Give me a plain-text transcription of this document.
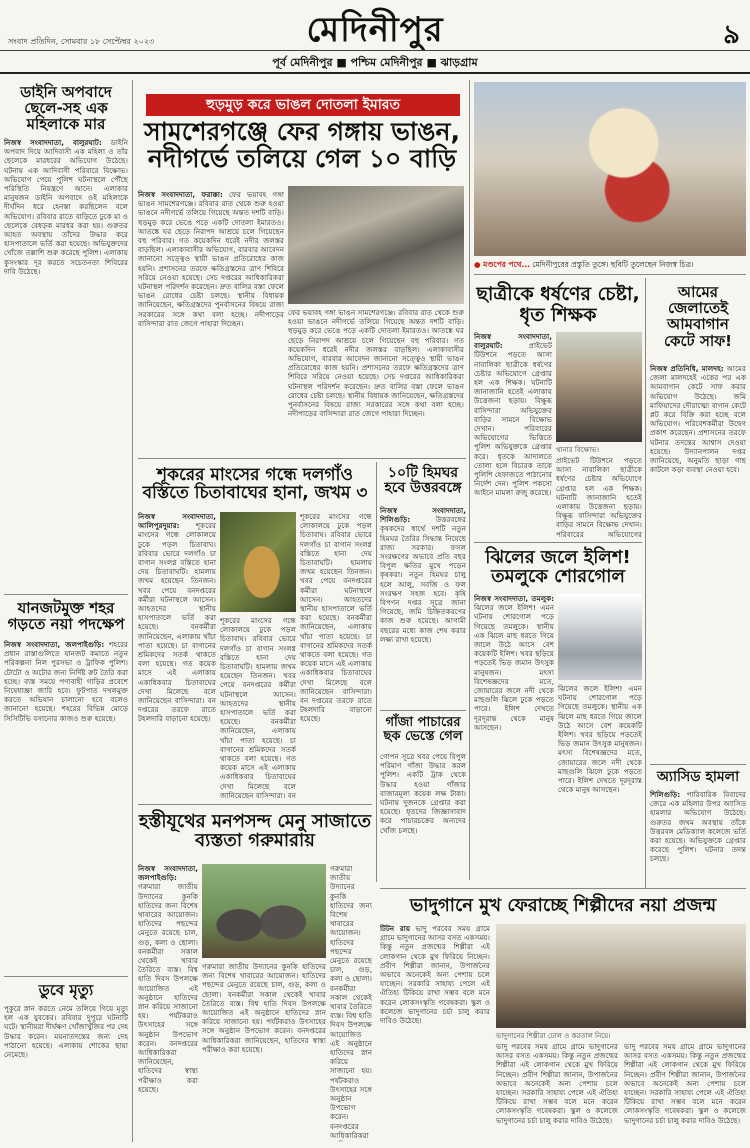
মেদিনীপুর
সংবাদ প্রতিদিন, সোমবার ১৮ সেপ্টেম্বর ২০২৩	৯
পূর্ব মেদিনীপুর ■ পশ্চিম মেদিনীপুর ■ ঝাড়গ্রাম
ডাইনি অপবাদে ছেলে-সহ এক মহিলাকে মার
নিজস্ব সংবাদদাতা, বালুরঘাট: ডাইনি অপবাদ দিয়ে আদিবাসী এক মহিলা ও তাঁর ছেলেকে মারধরের অভিযোগ উঠেছে। ঘটনায় এক আদিবাসী পরিবারে বিক্ষোভ। অভিযোগ পেয়ে পুলিশ ঘটনাস্থলে পৌঁছে পরিস্থিতি নিয়ন্ত্রণে আনে। এলাকার মানুষজন ডাইনি অপবাদে ওই মহিলাকে দীর্ঘদিন ধরে হেনস্তা করছিলেন বলে অভিযোগ। রবিবার রাতে বাড়িতে ঢুকে মা ও ছেলেকে বেধড়ক মারধর করা হয়। গুরুতর আহত অবস্থায় তাঁদের উদ্ধার করে হাসপাতালে ভর্তি করা হয়েছে। অভিযুক্তদের খোঁজে তল্লাশি শুরু করেছে পুলিশ। এলাকায় কুসংস্কার দূর করতে সচেতনতা শিবিরের দাবি উঠেছে।
যানজটমুক্ত শহর গড়তে নয়া পদক্ষেপ
নিজস্ব সংবাদদাতা, জলপাইগুড়ি: শহরের প্রধান রাস্তাগুলিতে যানজট কমাতে নতুন পরিকল্পনা নিল পুরসভা ও ট্রাফিক পুলিশ। টোটো ও অটোর জন্য নির্দিষ্ট রুট তৈরি করা হচ্ছে। ব্যস্ত সময়ে পণ্যবাহী গাড়ির প্রবেশে নিষেধাজ্ঞা জারি হবে। ফুটপাত দখলমুক্ত করতে অভিযান চালানো হবে বলেও জানানো হয়েছে। শহরের বিভিন্ন মোড়ে সিসিটিভি বসানোর কাজও শুরু হয়েছে।
ডুবে মৃত্যু
পুকুরে স্নান করতে নেমে তলিয়ে গিয়ে মৃত্যু হল এক যুবকের। রবিবার দুপুরে ঘটনাটি ঘটে। স্থানীয়রা দীর্ঘক্ষণ খোঁজাখুঁজির পর দেহ উদ্ধার করেন। ময়নাতদন্তের জন্য দেহ পাঠানো হয়েছে। এলাকায় শোকের ছায়া নেমেছে।
হুড়মুড় করে ভাঙল দোতলা ইমারত
সামশেরগঞ্জে ফের গঙ্গায় ভাঙন, নদীগর্ভে তলিয়ে গেল ১০ বাড়ি
নিজস্ব সংবাদদাতা, ফরাক্কা: ফের ভয়াবহ গঙ্গা ভাঙন সামশেরগঞ্জে। রবিবার রাত থেকে শুরু হওয়া ভাঙনে নদীগর্ভে তলিয়ে গিয়েছে অন্তত দশটি বাড়ি। হুড়মুড় করে ভেঙে পড়ে একটি দোতলা ইমারতও। আতঙ্কে ঘর ছেড়ে নিরাপদ আশ্রয়ে চলে গিয়েছেন বহু পরিবার। গত কয়েকদিন ধরেই নদীর জলস্তর বাড়ছিল। এলাকাবাসীর অভিযোগ, বারবার আবেদন জানানো সত্ত্বেও স্থায়ী ভাঙন প্রতিরোধের কাজ হয়নি। প্রশাসনের তরফে ক্ষতিগ্রস্তদের ত্রাণ শিবিরে সরিয়ে নেওয়া হয়েছে। সেচ দপ্তরের আধিকারিকরা ঘটনাস্থল পরিদর্শন করেছেন। দ্রুত বালির বস্তা ফেলে ভাঙন রোধের চেষ্টা চলছে। স্থানীয় বিধায়ক জানিয়েছেন, ক্ষতিগ্রস্তদের পুনর্বাসনের বিষয়ে রাজ্য সরকারের সঙ্গে কথা বলা হচ্ছে। নদীপাড়ের বাসিন্দারা রাত জেগে পাহারা দিচ্ছেন।
ফের ভয়াবহ গঙ্গা ভাঙন সামশেরগঞ্জে। রবিবার রাত থেকে শুরু হওয়া ভাঙনে নদীগর্ভে তলিয়ে গিয়েছে অন্তত দশটি বাড়ি। হুড়মুড় করে ভেঙে পড়ে একটি দোতলা ইমারতও। আতঙ্কে ঘর ছেড়ে নিরাপদ আশ্রয়ে চলে গিয়েছেন বহু পরিবার। গত কয়েকদিন ধরেই নদীর জলস্তর বাড়ছিল। এলাকাবাসীর অভিযোগ, বারবার আবেদন জানানো সত্ত্বেও স্থায়ী ভাঙন প্রতিরোধের কাজ হয়নি। প্রশাসনের তরফে ক্ষতিগ্রস্তদের ত্রাণ শিবিরে সরিয়ে নেওয়া হয়েছে। সেচ দপ্তরের আধিকারিকরা ঘটনাস্থল পরিদর্শন করেছেন। দ্রুত বালির বস্তা ফেলে ভাঙন রোধের চেষ্টা চলছে। স্থানীয় বিধায়ক জানিয়েছেন, ক্ষতিগ্রস্তদের পুনর্বাসনের বিষয়ে রাজ্য সরকারের সঙ্গে কথা বলা হচ্ছে। নদীপাড়ের বাসিন্দারা রাত জেগে পাহারা দিচ্ছেন।
● মণ্ডপের পথে... মেদিনীপুরের প্রস্তুতি তুঙ্গে। ছবিটি তুলেছেন নিজস্ব চিত্র।
ছাত্রীকে ধর্ষণের চেষ্টা, ধৃত শিক্ষক
নিজস্ব সংবাদদাতা, বালুরঘাট:	প্রাইভেট টিউশনে পড়তে আসা নাবালিকা ছাত্রীকে ধর্ষণের চেষ্টার অভিযোগে গ্রেপ্তার হল এক শিক্ষক। ঘটনাটি জানাজানি হতেই এলাকায় উত্তেজনা ছড়ায়। বিক্ষুব্ধ বাসিন্দারা অভিযুক্তের বাড়ির সামনে বিক্ষোভ দেখান। পরিবারের অভিযোগের ভিত্তিতে পুলিশ অভিযুক্তকে গ্রেপ্তার করে। ধৃতকে আদালতে তোলা হলে বিচারক তাকে পুলিশি হেফাজতে পাঠানোর নির্দেশ দেন। পুলিশ পকসো আইনে মামলা রুজু করেছে।
থানার বিক্ষোভ।
প্রাইভেট টিউশনে পড়তে আসা নাবালিকা ছাত্রীকে ধর্ষণের চেষ্টার অভিযোগে গ্রেপ্তার হল এক শিক্ষক। ঘটনাটি জানাজানি হতেই এলাকায় উত্তেজনা ছড়ায়। বিক্ষুব্ধ বাসিন্দারা অভিযুক্তের বাড়ির সামনে বিক্ষোভ দেখান। পরিবারের অভিযোগের
আমের জেলাতেই আমবাগান কেটে সাফ!
নিজস্ব প্রতিনিধি, মালদহ: আমের জেলা মালদহেই একের পর এক আমবাগান কেটে সাফ করার অভিযোগ উঠেছে। জমি মাফিয়াদের দৌরাত্ম্যে বাগান কেটে প্লট করে বিক্রি করা হচ্ছে বলে অভিযোগ। পরিবেশকর্মীরা উদ্বেগ প্রকাশ করেছেন। প্রশাসনের তরফে ঘটনার তদন্তের আশ্বাস দেওয়া হয়েছে। উদ্যানপালন দপ্তর জানিয়েছে, অনুমতি ছাড়া গাছ কাটলে কড়া ব্যবস্থা নেওয়া হবে।
অ্যাসিড হামলা
শিলিগুড়ি: পারিবারিক বিবাদের জেরে এক মহিলার উপর অ্যাসিড হামলার অভিযোগ উঠেছে। গুরুতর জখম অবস্থায় তাঁকে উত্তরবঙ্গ মেডিক্যাল কলেজে ভর্তি করা হয়েছে। অভিযুক্তকে গ্রেপ্তার করেছে পুলিশ। ঘটনার তদন্ত চলছে।
শূকরের মাংসের গন্ধে দলগাঁও বস্তিতে চিতাবাঘের হানা, জখম ৩
নিজস্ব সংবাদদাতা, আলিপুরদুয়ার: শূকরের মাংসের গন্ধে লোকালয়ে ঢুকে পড়ল চিতাবাঘ। রবিবার ভোরে দলগাঁও চা বাগান সংলগ্ন বস্তিতে হানা দেয় চিতাবাঘটি। হামলায় জখম হয়েছেন তিনজন। খবর পেয়ে বনদপ্তরের কর্মীরা ঘটনাস্থলে আসেন। আহতদের স্থানীয় হাসপাতালে ভর্তি করা হয়েছে। বনকর্মীরা জানিয়েছেন, এলাকায় খাঁচা পাতা হয়েছে। চা বাগানের শ্রমিকদের সতর্ক থাকতে বলা হয়েছে। গত কয়েক মাসে এই এলাকায় একাধিকবার চিতাবাঘের দেখা মিলেছে বলে জানিয়েছেন বাসিন্দারা। বন দপ্তরের তরফে রাতে টহলদারি বাড়ানো হয়েছে।
শূকরের মাংসের গন্ধে লোকালয়ে ঢুকে পড়ল চিতাবাঘ। রবিবার ভোরে দলগাঁও চা বাগান সংলগ্ন বস্তিতে হানা দেয় চিতাবাঘটি। হামলায় জখম হয়েছেন তিনজন। খবর পেয়ে বনদপ্তরের কর্মীরা ঘটনাস্থলে আসেন। আহতদের স্থানীয় হাসপাতালে ভর্তি করা হয়েছে। বনকর্মীরা জানিয়েছেন, এলাকায় খাঁচা পাতা হয়েছে। চা বাগানের শ্রমিকদের সতর্ক থাকতে বলা হয়েছে। গত কয়েক মাসে এই এলাকায় একাধিকবার চিতাবাঘের দেখা মিলেছে বলে জানিয়েছেন বাসিন্দারা। বন
শূকরের মাংসের গন্ধে লোকালয়ে ঢুকে পড়ল চিতাবাঘ। রবিবার ভোরে দলগাঁও চা বাগান সংলগ্ন বস্তিতে হানা দেয় চিতাবাঘটি। হামলায় জখম হয়েছেন তিনজন। খবর পেয়ে বনদপ্তরের কর্মীরা ঘটনাস্থলে আসেন। আহতদের স্থানীয় হাসপাতালে ভর্তি করা হয়েছে। বনকর্মীরা জানিয়েছেন, এলাকায় খাঁচা পাতা হয়েছে। চা বাগানের শ্রমিকদের সতর্ক থাকতে বলা হয়েছে। গত কয়েক মাসে এই এলাকায় একাধিকবার চিতাবাঘের দেখা মিলেছে বলে জানিয়েছেন বাসিন্দারা। বন দপ্তরের তরফে রাতে টহলদারি বাড়ানো হয়েছে।
১০টি হিমঘর হবে উত্তরবঙ্গে
নিজস্ব সংবাদদাতা, শিলিগুড়ি:	উত্তরবঙ্গের কৃষকদের স্বার্থে দশটি নতুন হিমঘর তৈরির সিদ্ধান্ত নিয়েছে রাজ্য সরকার। ফসল সংরক্ষণের অভাবে প্রতি বছর বিপুল ক্ষতির মুখে পড়েন কৃষকরা। নতুন হিমঘর চালু হলে আলু, সবজি ও ফল সংরক্ষণ সহজ হবে। কৃষি বিপণন দপ্তর সূত্রে জানা গিয়েছে, জমি চিহ্নিতকরণের কাজ শুরু হয়েছে। আগামী বছরের মধ্যে কাজ শেষ করার লক্ষ্য রাখা হয়েছে।
গাঁজা পাচারের ছক ভেস্তে গেল
গোপন সূত্রে খবর পেয়ে বিপুল পরিমাণ গাঁজা উদ্ধার করল পুলিশ। একটি ট্রাক থেকে উদ্ধার হওয়া গাঁজার বাজারমূল্য কয়েক লক্ষ টাকা। ঘটনায় দুজনকে গ্রেপ্তার করা হয়েছে। ধৃতদের জিজ্ঞাসাবাদ করে পাচারচক্রের অন্যদের খোঁজ চলছে।
ঝিলের জলে ইলিশ! তমলুকে শোরগোল
নিজস্ব সংবাদদাতা, তমলুক: ঝিলের জলে ইলিশ! এমন ঘটনায় শোরগোল পড়ে গিয়েছে তমলুকে। স্থানীয় এক ঝিলে মাছ ধরতে গিয়ে জালে উঠে আসে বেশ কয়েকটি ইলিশ। খবর ছড়িয়ে পড়তেই ভিড় জমান উৎসুক মানুষজন। মৎস্য বিশেষজ্ঞদের মতে, জোয়ারের জলে নদী থেকে মাছগুলি ঝিলে ঢুকে পড়তে পারে। ইলিশ দেখতে দূরদূরান্ত থেকে মানুষ আসছেন।
ঝিলের জলে ইলিশ! এমন ঘটনায় শোরগোল পড়ে গিয়েছে তমলুকে। স্থানীয় এক ঝিলে মাছ ধরতে গিয়ে জালে উঠে আসে বেশ কয়েকটি ইলিশ। খবর ছড়িয়ে পড়তেই ভিড় জমান উৎসুক মানুষজন। মৎস্য বিশেষজ্ঞদের মতে, জোয়ারের জলে নদী থেকে মাছগুলি ঝিলে ঢুকে পড়তে পারে। ইলিশ দেখতে দূরদূরান্ত থেকে মানুষ আসছেন।
হস্তীযূথের মনপসন্দ মেনু সাজাতে ব্যস্ততা গরুমারায়
নিজস্ব সংবাদদাতা, জলপাইগুড়ি: গরুমারা জাতীয় উদ্যানের কুনকি হাতিদের জন্য বিশেষ খাবারের আয়োজন। হাতিদের পছন্দের মেনুতে রয়েছে চাল, গুড়, কলা ও ছোলা। বনকর্মীরা সকাল থেকেই খাবার তৈরিতে ব্যস্ত। বিশ্ব হাতি দিবস উপলক্ষে আয়োজিত এই অনুষ্ঠানে হাতিদের স্নান করিয়ে সাজানো হয়। পর্যটকরাও উৎসাহের সঙ্গে অনুষ্ঠান উপভোগ করেন। বনদপ্তরের আধিকারিকরা জানিয়েছেন, হাতিদের স্বাস্থ্য পরীক্ষাও করা হয়েছে।
গরুমারা জাতীয় উদ্যানের কুনকি হাতিদের জন্য বিশেষ খাবারের আয়োজন। হাতিদের পছন্দের মেনুতে রয়েছে চাল, গুড়, কলা ও ছোলা। বনকর্মীরা সকাল থেকেই খাবার তৈরিতে ব্যস্ত। বিশ্ব হাতি দিবস উপলক্ষে আয়োজিত এই অনুষ্ঠানে হাতিদের স্নান করিয়ে সাজানো হয়। পর্যটকরাও উৎসাহের সঙ্গে অনুষ্ঠান উপভোগ করেন। বনদপ্তরের আধিকারিকরা জানিয়েছেন, হাতিদের স্বাস্থ্য পরীক্ষাও করা হয়েছে।
গরুমারা জাতীয় উদ্যানের কুনকি হাতিদের জন্য বিশেষ খাবারের আয়োজন। হাতিদের পছন্দের মেনুতে রয়েছে চাল, গুড়, কলা ও ছোলা। বনকর্মীরা সকাল থেকেই খাবার তৈরিতে ব্যস্ত। বিশ্ব হাতি দিবস উপলক্ষে আয়োজিত এই অনুষ্ঠানে হাতিদের স্নান করিয়ে সাজানো হয়। পর্যটকরাও উৎসাহের সঙ্গে অনুষ্ঠান উপভোগ করেন। বনদপ্তরের আধিকারিকরা
ভাদুগানে মুখ ফেরাচ্ছে শিল্পীদের নয়া প্রজন্ম
টিটন রায় ভাদু পরবের সময় গ্রামে গ্রামে ভাদুগানের আসর বসত একসময়। কিন্তু নতুন প্রজন্মের শিল্পীরা এই লোকগান থেকে মুখ ফিরিয়ে নিচ্ছেন। প্রবীণ শিল্পীরা জানান, উপার্জনের অভাবে অনেকেই অন্য পেশায় চলে যাচ্ছেন। সরকারি সাহায্য পেলে এই ঐতিহ্য টিকিয়ে রাখা সম্ভব বলে মনে করেন লোকসংস্কৃতি গবেষকরা। স্কুল ও কলেজে ভাদুগানের চর্চা চালু করার দাবিও উঠেছে।
ভাদুগানের শিল্পীরা ঢোল ও করতাল নিয়ে।
ভাদু পরবের সময় গ্রামে গ্রামে ভাদুগানের আসর বসত একসময়। কিন্তু নতুন প্রজন্মের শিল্পীরা এই লোকগান থেকে মুখ ফিরিয়ে নিচ্ছেন। প্রবীণ শিল্পীরা জানান, উপার্জনের অভাবে অনেকেই অন্য পেশায় চলে যাচ্ছেন। সরকারি সাহায্য পেলে এই ঐতিহ্য টিকিয়ে রাখা সম্ভব বলে মনে করেন লোকসংস্কৃতি গবেষকরা। স্কুল ও কলেজে ভাদুগানের চর্চা চালু করার দাবিও উঠেছে।
ভাদু পরবের সময় গ্রামে গ্রামে ভাদুগানের আসর বসত একসময়। কিন্তু নতুন প্রজন্মের শিল্পীরা এই লোকগান থেকে মুখ ফিরিয়ে নিচ্ছেন। প্রবীণ শিল্পীরা জানান, উপার্জনের অভাবে অনেকেই অন্য পেশায় চলে যাচ্ছেন। সরকারি সাহায্য পেলে এই ঐতিহ্য টিকিয়ে রাখা সম্ভব বলে মনে করেন লোকসংস্কৃতি গবেষকরা। স্কুল ও কলেজে ভাদুগানের চর্চা চালু করার দাবিও উঠেছে।
